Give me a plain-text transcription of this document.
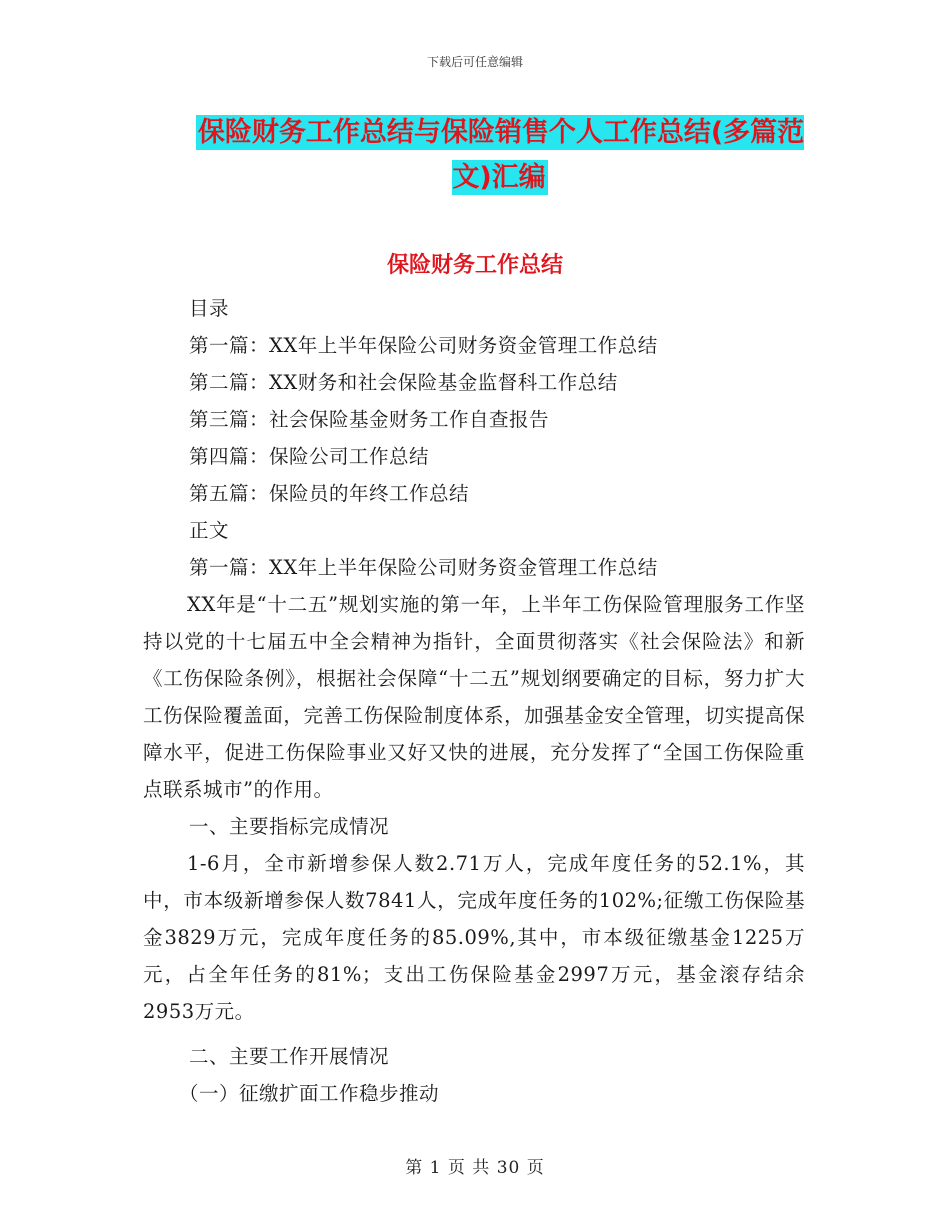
下载后可任意编辑
保险财务工作总结与保险销售个人工作总结(多篇范文)汇编
保险财务工作总结
目录
第一篇：XX年上半年保险公司财务资金管理工作总结
第二篇：XX财务和社会保险基金监督科工作总结
第三篇：社会保险基金财务工作自查报告
第四篇：保险公司工作总结
第五篇：保险员的年终工作总结
正文
第一篇：XX年上半年保险公司财务资金管理工作总结

XX年是“十二五”规划实施的第一年，上半年工伤保险管理服务工作坚持以党的十七届五中全会精神为指针，全面贯彻落实《社会保险法》和新《工伤保险条例》，根据社会保障“十二五”规划纲要确定的目标，努力扩大工伤保险覆盖面，完善工伤保险制度体系，加强基金安全管理，切实提高保障水平，促进工伤保险事业又好又快的进展，充分发挥了“全国工伤保险重点联系城市”的作用。

一、主要指标完成情况

1-6月，全市新增参保人数2.71万人，完成年度任务的52.1%，其中，市本级新增参保人数7841人，完成年度任务的102%;征缴工伤保险基金3829万元，完成年度任务的85.09%,其中，市本级征缴基金1225万元，占全年任务的81%；支出工伤保险基金2997万元，基金滚存结余2953万元。

二、主要工作开展情况
（一）征缴扩面工作稳步推动
第 1 页 共 30 页
